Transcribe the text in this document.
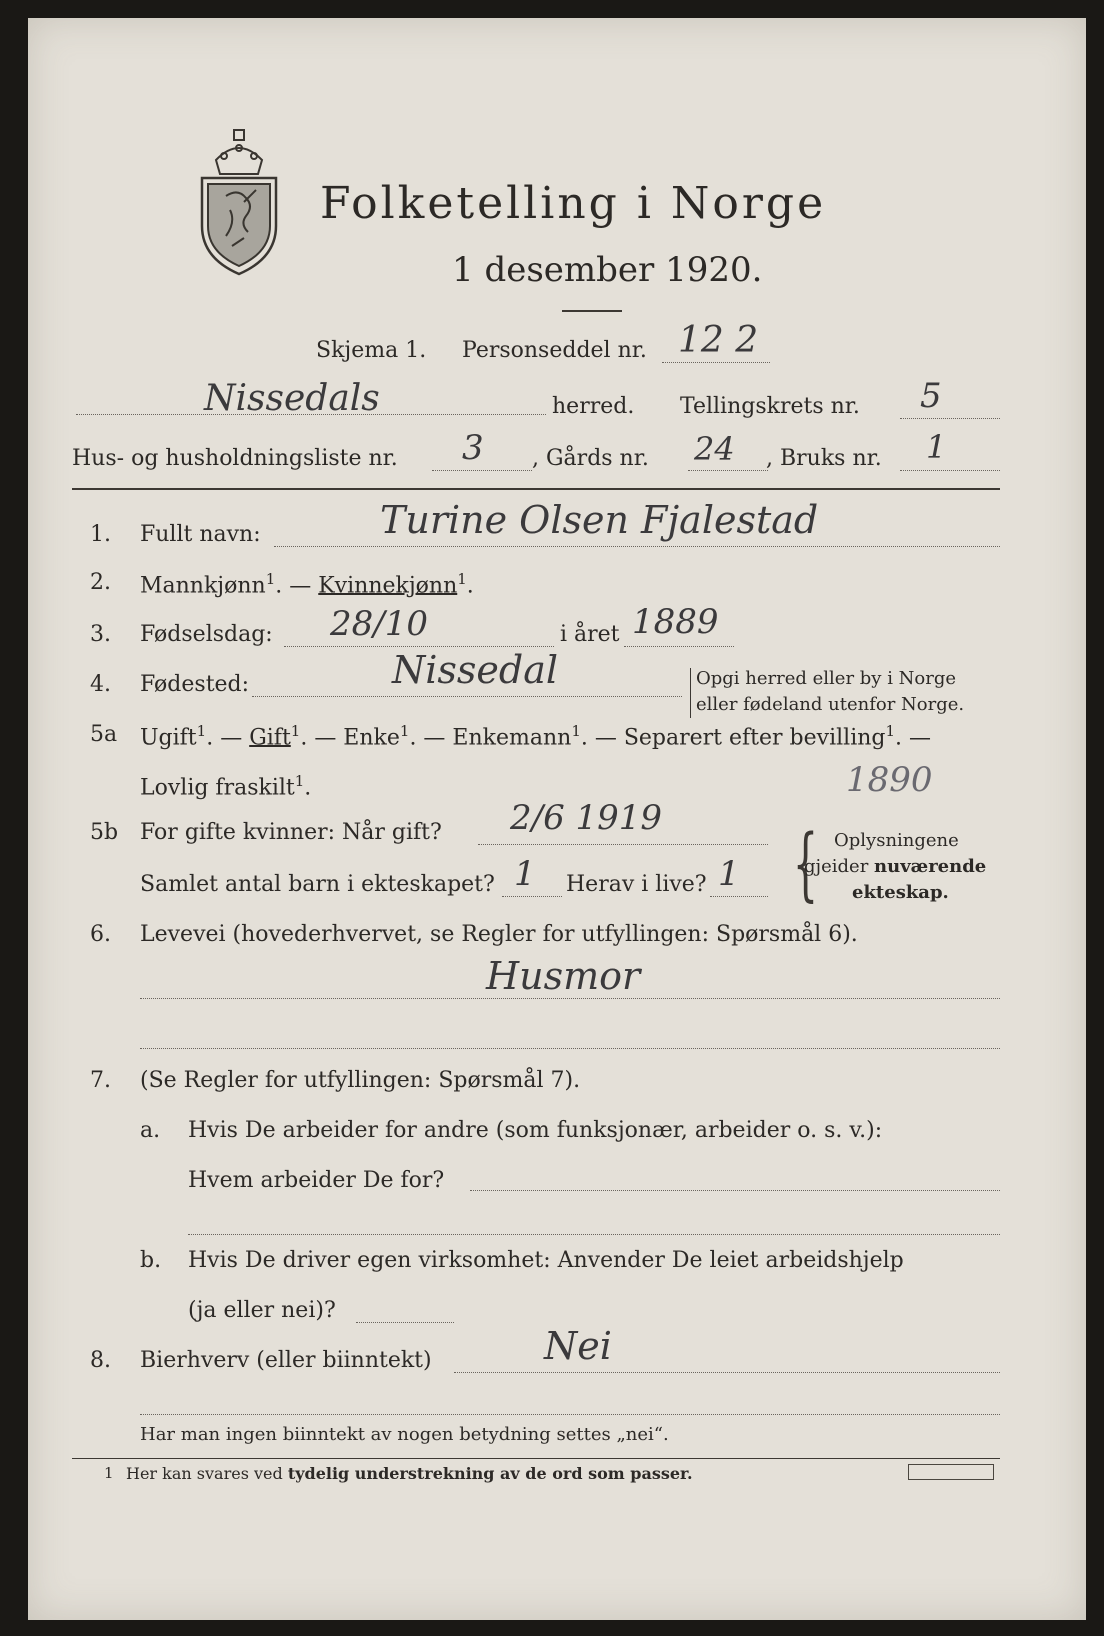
Folketelling i Norge
1 desember 1920.
Skjema 1. Personseddel nr. 12 2
Nissedals	herred. Tellingskrets nr. 5
Hus- og husholdningsliste nr. 3 , Gårds nr. 24 , Bruks nr. 1
1. Fullt navn:	Turine Olsen Fjalestad
2. Mannkjønn$^1$. — Kvinnekjønn$^1$.
3. Fødselsdag: 28/10	i året 1889
4. Fødested:	Nissedal	Opgi herred eller by i Norge
eller fødeland utenfor Norge.
5a Ugift$^1$. — Gift$^1$. — Enke$^1$. — Enkemann$^1$. — Separert efter bevilling$^1$. —
Lovlig fraskilt$^1$.	1890
5b For gifte kvinner: Når gift? 2/6 1919
Samlet antal barn i ekteskapet? 1 Herav i live? 1 { Oplysningene
gjeider nuværende
ekteskap.
6. Levevei (hovederhvervet, se Regler for utfyllingen: Spørsmål 6).
Husmor
7. (Se Regler for utfyllingen: Spørsmål 7).
a. Hvis De arbeider for andre (som funksjonær, arbeider o. s. v.):
Hvem arbeider De for?
b. Hvis De driver egen virksomhet: Anvender De leiet arbeidshjelp
(ja eller nei)?
8. Bierhverv (eller biinntekt)	Nei
Har man ingen biinntekt av nogen betydning settes „nei“.
1 Her kan svares ved tydelig understrekning av de ord som passer.
